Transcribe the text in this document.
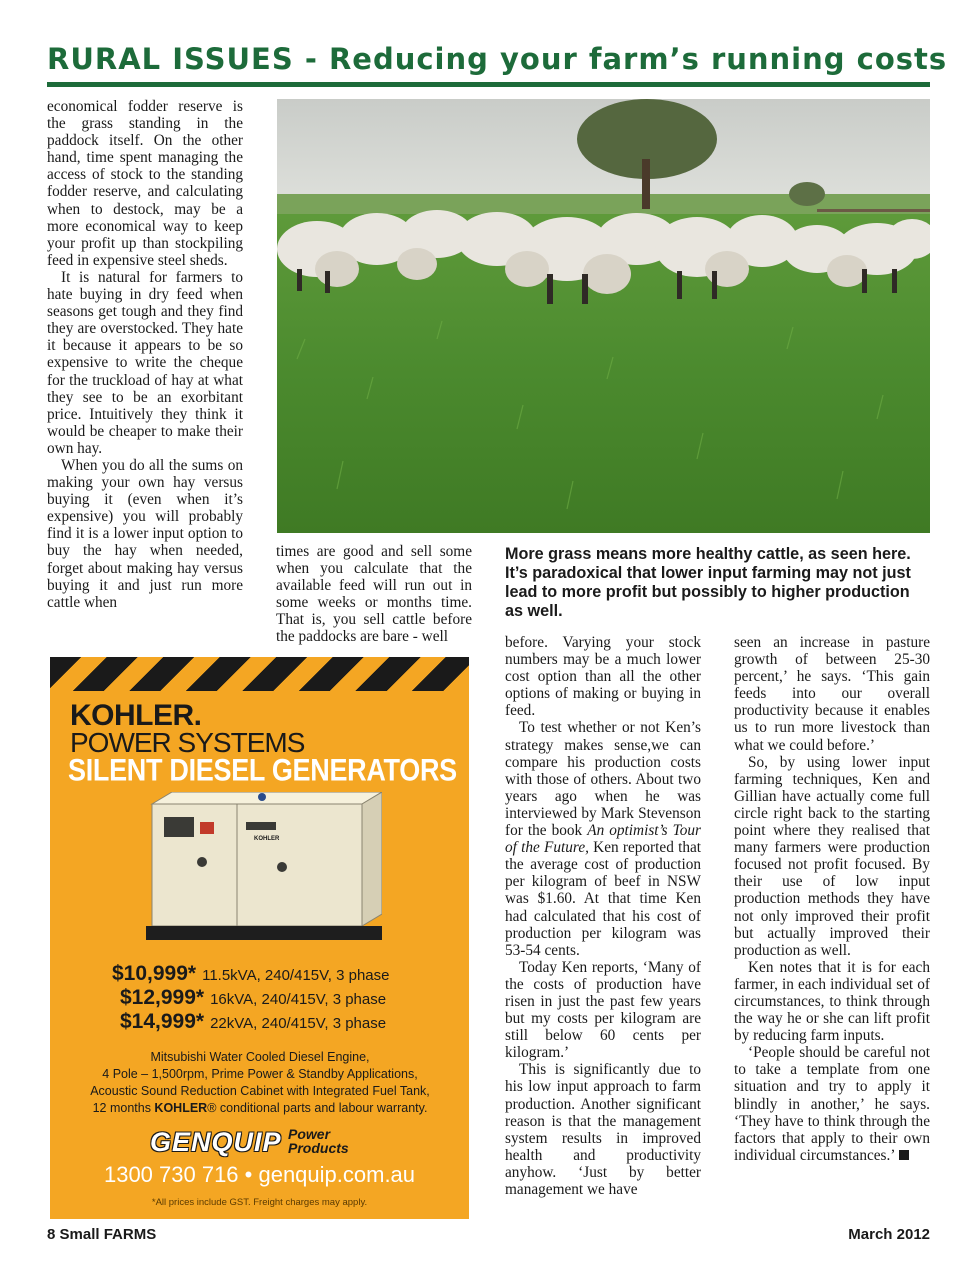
RURAL ISSUES - Reducing your farm’s running costs

economical fodder reserve is the grass standing in the paddock itself. On the other hand, time spent managing the access of stock to the standing fodder reserve, and calculating when to destock, may be a more economical way to keep your profit up than stockpiling feed in expensive steel sheds.

It is natural for farmers to hate buying in dry feed when seasons get tough and they find they are overstocked. They hate it because it appears to be so expensive to write the cheque for the truckload of hay at what they see to be an exorbitant price. Intuitively they think it would be cheaper to make their own hay.

When you do all the sums on making your own hay versus buying it (even when it’s expensive) you will probably find it is a lower input option to buy the hay when needed, forget about making hay versus buying it and just run more cattle when

times are good and sell some when you calculate that the available feed will run out in some weeks or months time. That is, you sell cattle before the paddocks are bare - well

More grass means more healthy cattle, as seen here. It’s paradoxical that lower input farming may not just lead to more profit but possibly to higher production as well.

before. Varying your stock numbers may be a much lower cost option than all the other options of making or buying in feed.

To test whether or not Ken’s strategy makes sense,we can compare his production costs with those of others. About two years ago when he was interviewed by Mark Stevenson for the book An optimist’s Tour of the Future, Ken reported that the average cost of production per kilogram of beef in NSW was $1.60. At that time Ken had calculated that his cost of production per kilogram was 53-54 cents.

Today Ken reports, ‘Many of the costs of production have risen in just the past few years but my costs per kilogram are still below 60 cents per kilogram.’

This is significantly due to his low input approach to farm production. Another significant reason is that the management system results in improved health and productivity anyhow. ‘Just by better management we have

seen an increase in pasture growth of between 25-30 percent,’ he says. ‘This gain feeds into our overall productivity because it enables us to run more livestock than what we could before.’

So, by using lower input farming techniques, Ken and Gillian have actually come full circle right back to the starting point where they realised that many farmers were production focused not profit focused. By their use of low input production methods they have not only improved their profit but actually improved their production as well.

Ken notes that it is for each farmer, in each individual set of circumstances, to think through the way he or she can lift profit by reducing farm inputs.

‘People should be careful not to take a template from one situation and try to apply it blindly in another,’ he says. ‘They have to think through the factors that apply to their own individual circumstances.’

KOHLER.
POWER SYSTEMS
SILENT DIESEL GENERATORS
KOHLER
$10,999* 11.5kVA, 240/415V, 3 phase
$12,999* 16kVA, 240/415V, 3 phase
$14,999* 22kVA, 240/415V, 3 phase
Mitsubishi Water Cooled Diesel Engine,
4 Pole – 1,500rpm, Prime Power & Standby Applications,
Acoustic Sound Reduction Cabinet with Integrated Fuel Tank,
12 months KOHLER® conditional parts and labour warranty.
GENQUIP Power Products
1300 730 716 • genquip.com.au
*All prices include GST. Freight charges may apply.
8 Small FARMS	March 2012
